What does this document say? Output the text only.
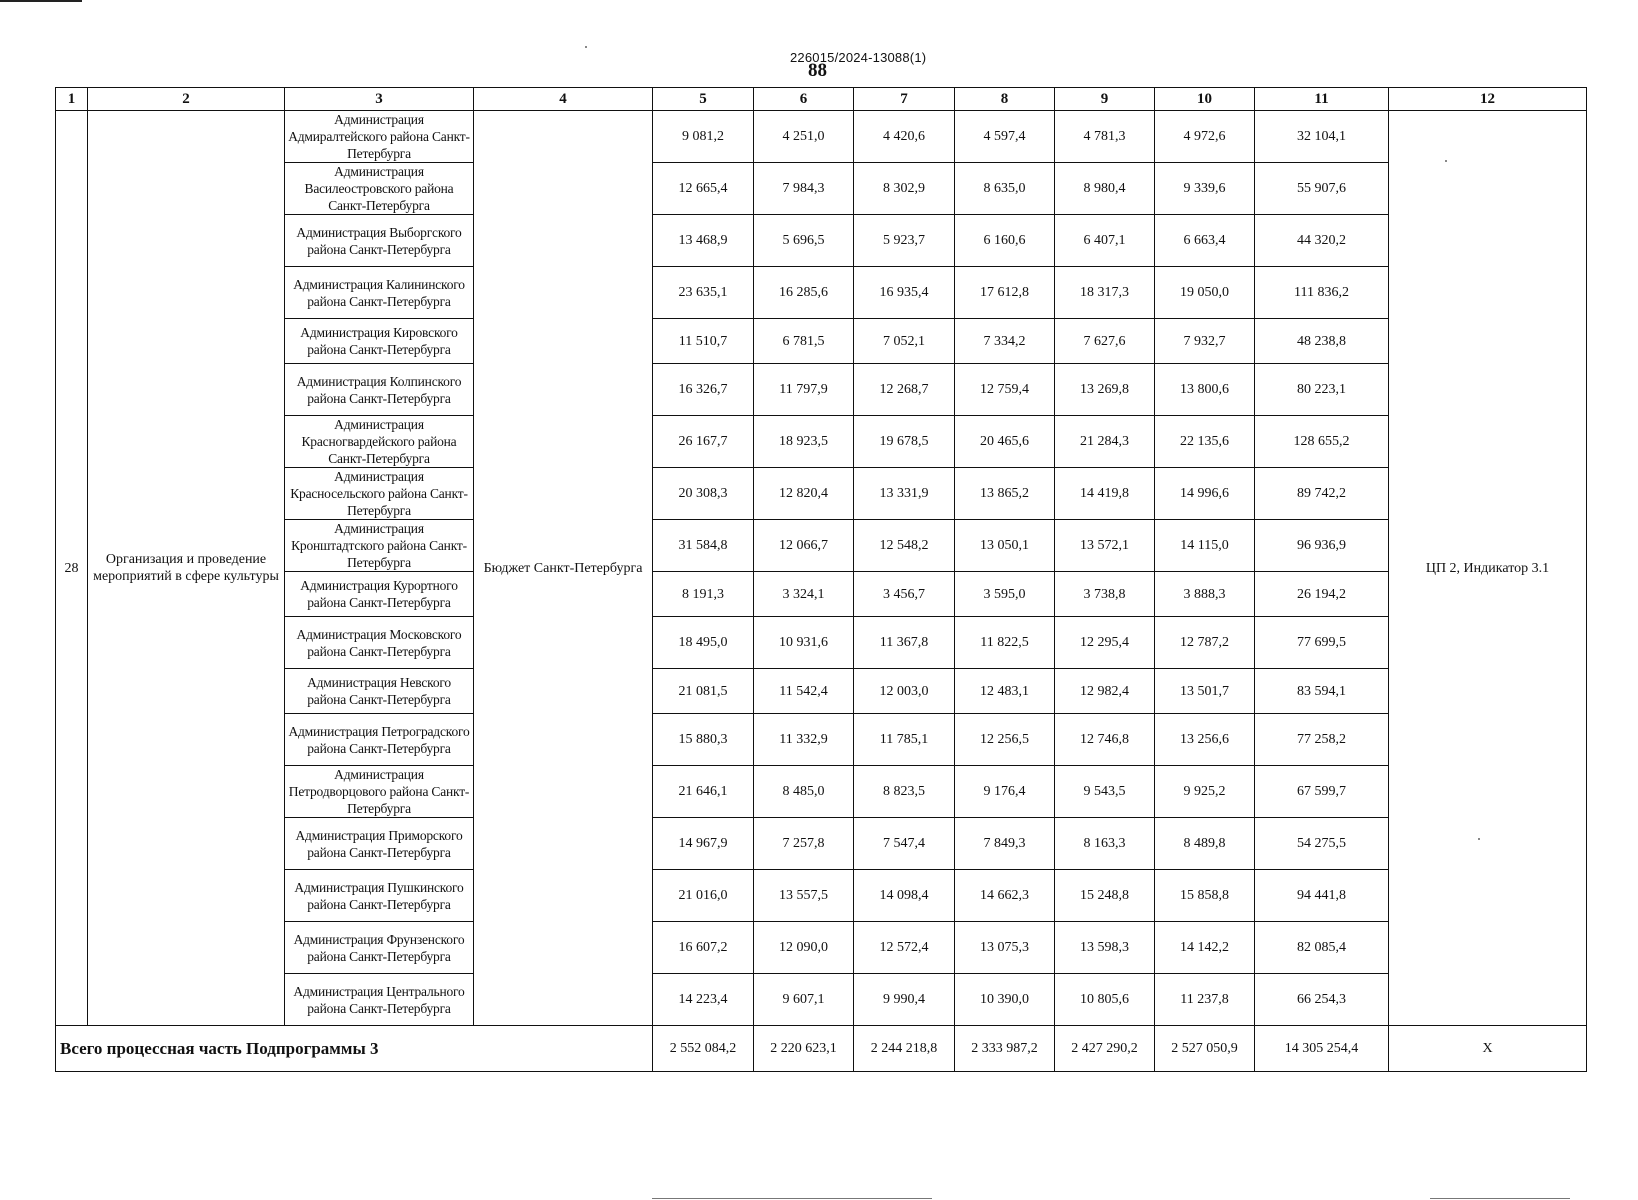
226015/2024-13088(1)
88
1	2	3	4	5	6	7	8	9	10	11	12
28	Организация и проведение мероприятий в сфере культуры	Администрация Адмиралтейского района Санкт-Петербурга	Бюджет Санкт-Петербурга	9 081,2	4 251,0	4 420,6	4 597,4	4 781,3	4 972,6	32 104,1	ЦП 2, Индикатор 3.1
		Администрация Василеостровского района Санкт-Петербурга		12 665,4	7 984,3	8 302,9	8 635,0	8 980,4	9 339,6	55 907,6	
		Администрация Выборгского района Санкт-Петербурга		13 468,9	5 696,5	5 923,7	6 160,6	6 407,1	6 663,4	44 320,2	
		Администрация Калининского района Санкт-Петербурга		23 635,1	16 285,6	16 935,4	17 612,8	18 317,3	19 050,0	111 836,2	
		Администрация Кировского района Санкт-Петербурга		11 510,7	6 781,5	7 052,1	7 334,2	7 627,6	7 932,7	48 238,8	
		Администрация Колпинского района Санкт-Петербурга		16 326,7	11 797,9	12 268,7	12 759,4	13 269,8	13 800,6	80 223,1	
		Администрация Красногвардейского района Санкт-Петербурга		26 167,7	18 923,5	19 678,5	20 465,6	21 284,3	22 135,6	128 655,2	
		Администрация Красносельского района Санкт-Петербурга		20 308,3	12 820,4	13 331,9	13 865,2	14 419,8	14 996,6	89 742,2	
		Администрация Кронштадтского района Санкт-Петербурга		31 584,8	12 066,7	12 548,2	13 050,1	13 572,1	14 115,0	96 936,9	
		Администрация Курортного района Санкт-Петербурга		8 191,3	3 324,1	3 456,7	3 595,0	3 738,8	3 888,3	26 194,2	
		Администрация Московского района Санкт-Петербурга		18 495,0	10 931,6	11 367,8	11 822,5	12 295,4	12 787,2	77 699,5	
		Администрация Невского района Санкт-Петербурга		21 081,5	11 542,4	12 003,0	12 483,1	12 982,4	13 501,7	83 594,1	
		Администрация Петроградского района Санкт-Петербурга		15 880,3	11 332,9	11 785,1	12 256,5	12 746,8	13 256,6	77 258,2	
		Администрация Петродворцового района Санкт-Петербурга		21 646,1	8 485,0	8 823,5	9 176,4	9 543,5	9 925,2	67 599,7	
		Администрация Приморского района Санкт-Петербурга		14 967,9	7 257,8	7 547,4	7 849,3	8 163,3	8 489,8	54 275,5	
		Администрация Пушкинского района Санкт-Петербурга		21 016,0	13 557,5	14 098,4	14 662,3	15 248,8	15 858,8	94 441,8	
		Администрация Фрунзенского района Санкт-Петербурга		16 607,2	12 090,0	12 572,4	13 075,3	13 598,3	14 142,2	82 085,4	
		Администрация Центрального района Санкт-Петербурга		14 223,4	9 607,1	9 990,4	10 390,0	10 805,6	11 237,8	66 254,3	
Всего процессная часть Подпрограммы 3				2 552 084,2	2 220 623,1	2 244 218,8	2 333 987,2	2 427 290,2	2 527 050,9	14 305 254,4	X
